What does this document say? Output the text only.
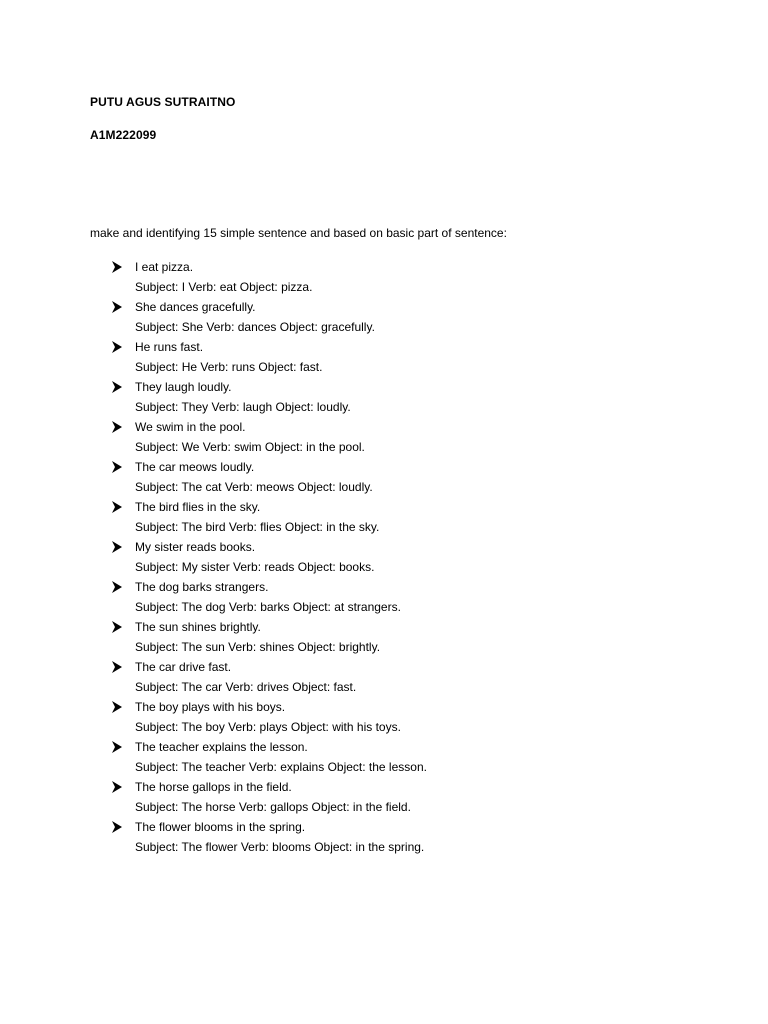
PUTU AGUS SUTRAITNO
A1M222099
make and identifying 15 simple sentence and based on basic part of sentence:
I eat pizza.
Subject: I Verb: eat Object: pizza.
She dances gracefully.
Subject: She Verb: dances Object: gracefully.
He runs fast.
Subject: He Verb: runs Object: fast.
They laugh loudly.
Subject: They Verb: laugh Object: loudly.
We swim in the pool.
Subject: We Verb: swim Object: in the pool.
The car meows loudly.
Subject: The cat Verb: meows Object: loudly.
The bird flies in the sky.
Subject: The bird Verb: flies Object: in the sky.
My sister reads books.
Subject: My sister Verb: reads Object: books.
The dog barks strangers.
Subject: The dog Verb: barks Object: at strangers.
The sun shines brightly.
Subject: The sun Verb: shines Object: brightly.
The car drive fast.
Subject: The car Verb: drives Object: fast.
The boy plays with his boys.
Subject: The boy Verb: plays Object: with his toys.
The teacher explains the lesson.
Subject: The teacher Verb: explains Object: the lesson.
The horse gallops in the field.
Subject: The horse Verb: gallops Object: in the field.
The flower blooms in the spring.
Subject: The flower Verb: blooms Object: in the spring.
